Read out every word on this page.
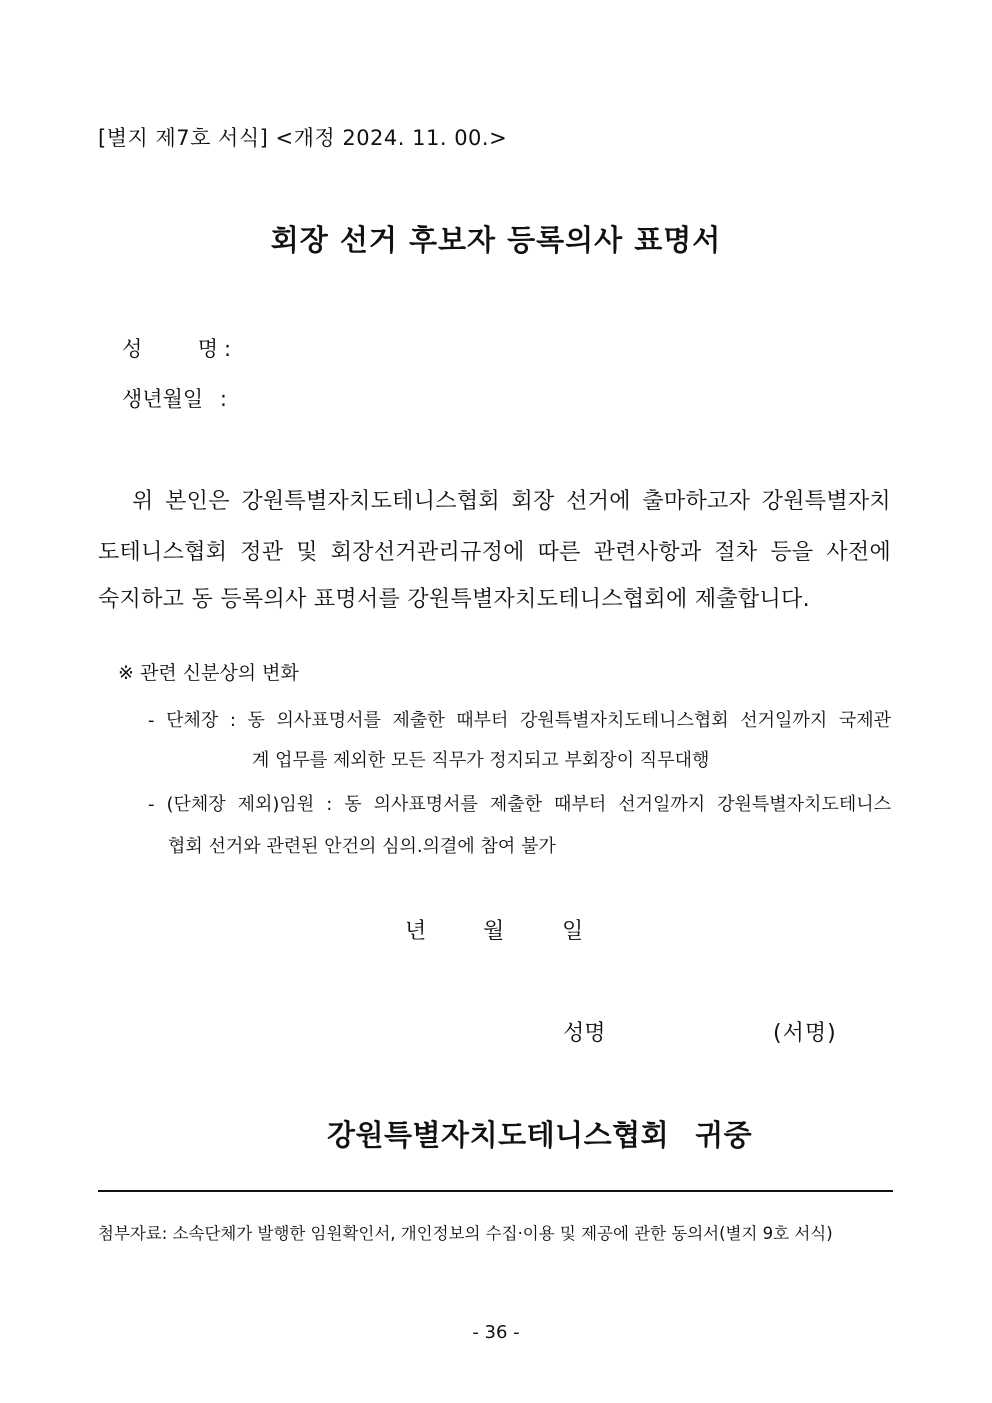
[별지 제7호 서식] <개정 2024. 11. 00.>
회장 선거 후보자 등록의사 표명서
성	명 :
생년월일 :
위 본인은 강원특별자치도테니스협회 회장 선거에 출마하고자 강원특별자치
도테니스협회 정관 및 회장선거관리규정에 따른 관련사항과 절차 등을 사전에
숙지하고 동 등록의사 표명서를 강원특별자치도테니스협회에 제출합니다.
※ 관련 신분상의 변화
- 단체장 : 동 의사표명서를 제출한 때부터 강원특별자치도테니스협회 선거일까지 국제관
계 업무를 제외한 모든 직무가 정지되고 부회장이 직무대행
- (단체장 제외)임원 : 동 의사표명서를 제출한 때부터 선거일까지 강원특별자치도테니스
협회 선거와 관련된 안건의 심의.의결에 참여 불가
년	월	일
성명	(서명)
강원특별자치도테니스협회 귀중
첨부자료: 소속단체가 발행한 임원확인서, 개인정보의 수집·이용 및 제공에 관한 동의서(별지 9호 서식)
- 36 -
